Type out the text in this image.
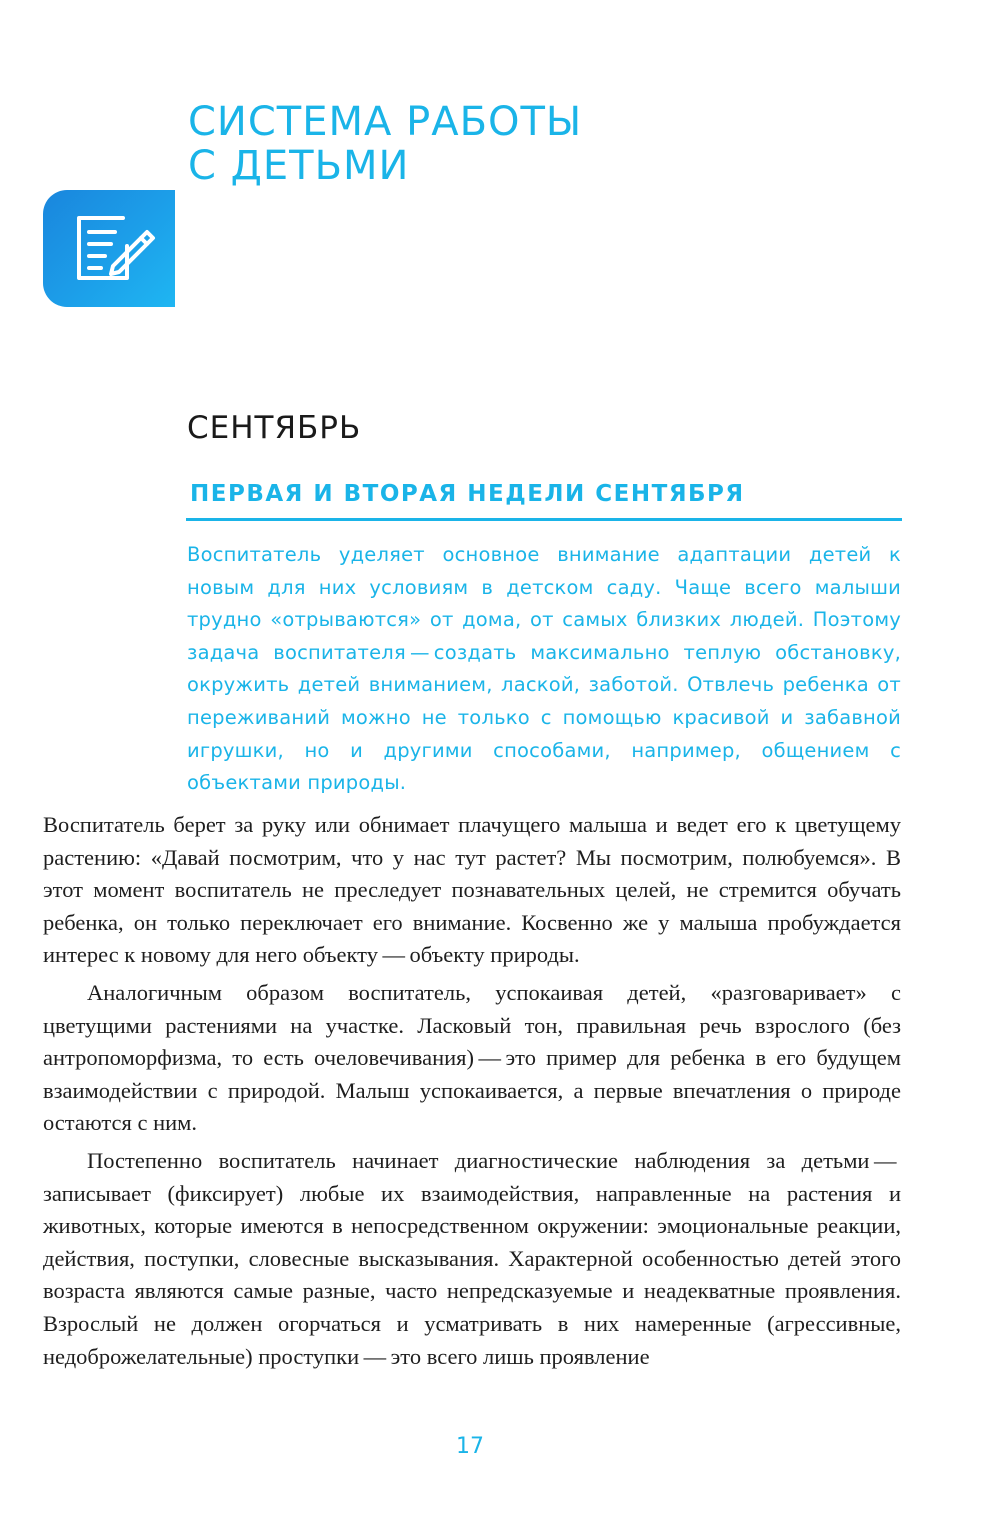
СИСТЕМА РАБОТЫ
С ДЕТЬМИ
СЕНТЯБРЬ
ПЕРВАЯ И ВТОРАЯ НЕДЕЛИ СЕНТЯБРЯ

Воспитатель уделяет основное внимание адаптации детей к новым для них условиям в детском саду. Чаще всего малыши трудно «отрываются» от дома, от самых близких людей. Поэтому задача воспитателя — создать максимально теплую обстановку, окружить детей вниманием, лаской, заботой. Отвлечь ребенка от переживаний можно не только с помощью красивой и забавной игрушки, но и другими способами, например, общением с объектами природы.

Воспитатель берет за руку или обнимает плачущего малыша и ведет его к цветущему растению: «Давай посмотрим, что у нас тут растет? Мы посмотрим, полюбуемся». В этот момент воспитатель не преследует познавательных целей, не стремится обучать ребенка, он только переключает его внимание. Косвенно же у малыша пробуждается интерес к новому для него объекту — объекту природы.

Аналогичным образом воспитатель, успокаивая детей, «разговаривает» с цветущими растениями на участке. Ласковый тон, правильная речь взрослого (без антропоморфизма, то есть очеловечивания) — это пример для ребенка в его будущем взаимодействии с природой. Малыш успокаивается, а первые впечатления о природе остаются с ним.

Постепенно воспитатель начинает диагностические наблюдения за детьми — записывает (фиксирует) любые их взаимодействия, направленные на растения и животных, которые имеются в непосредственном окружении: эмоциональные реакции, действия, поступки, словесные высказывания. Характерной особенностью детей этого возраста являются самые разные, часто непредсказуемые и неадекватные проявления. Взрослый не должен огорчаться и усматривать в них намеренные (агрессивные, недоброжелательные) проступки — это всего лишь проявление

17
